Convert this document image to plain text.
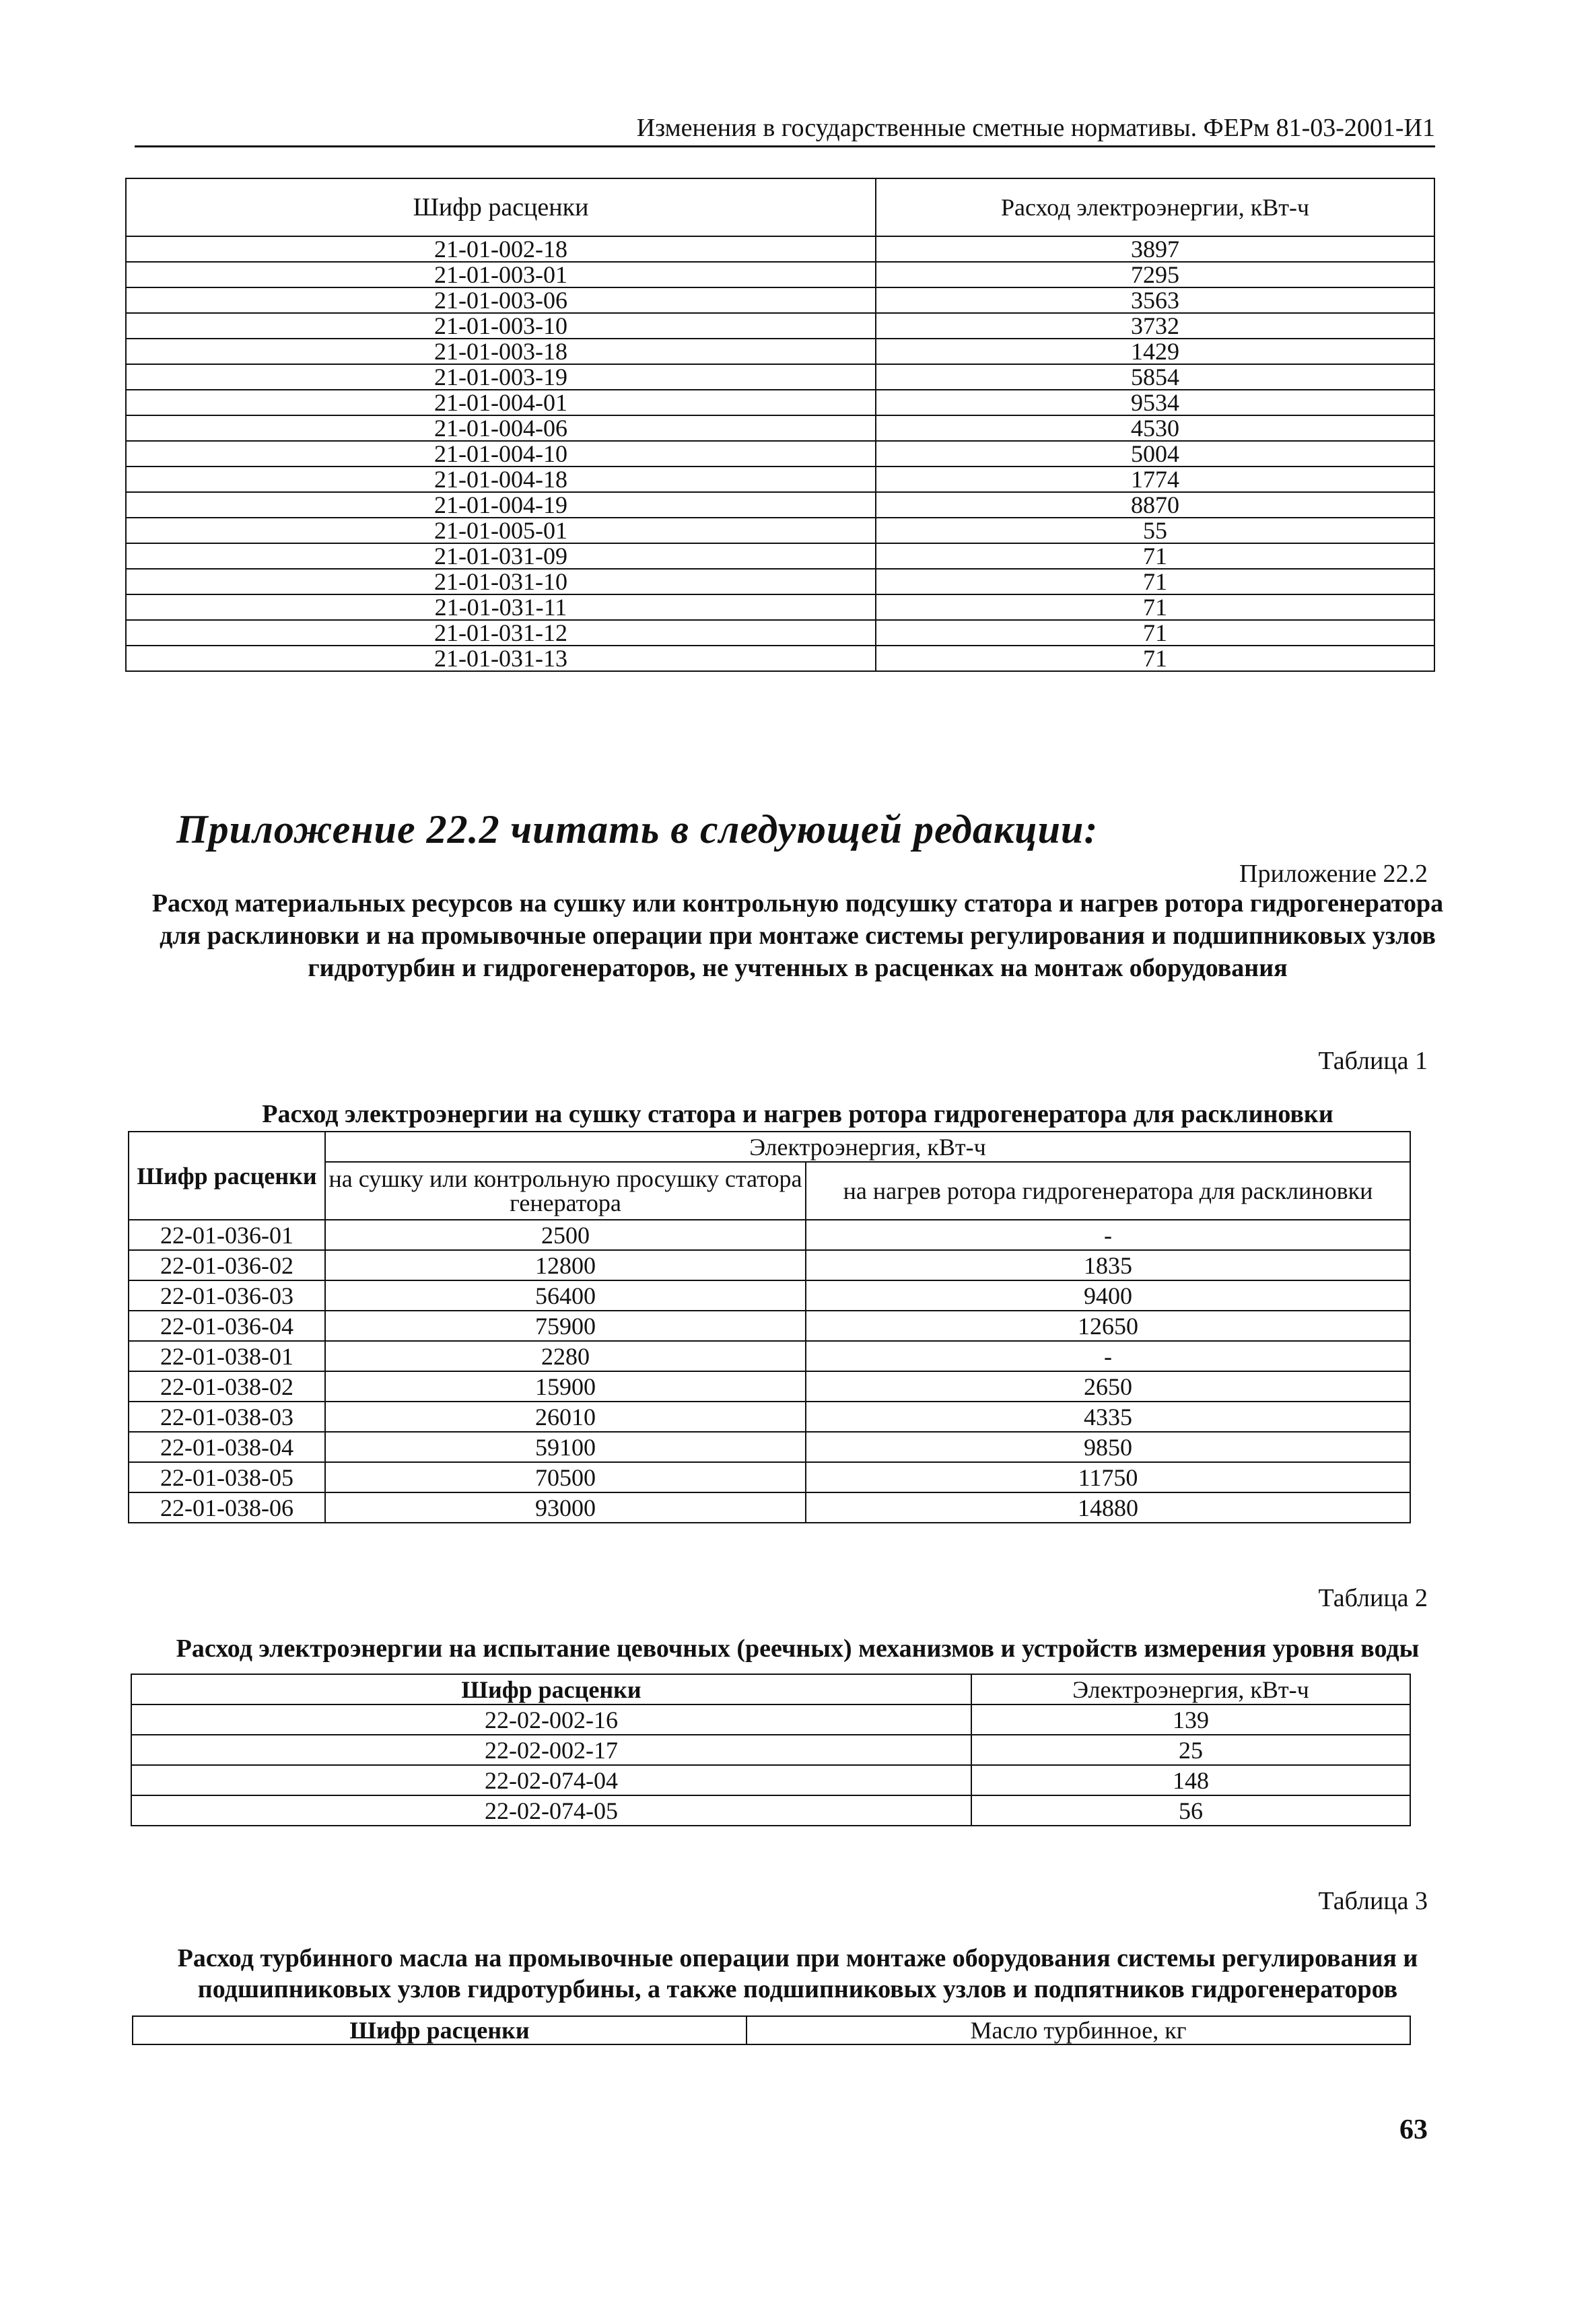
Изменения в государственные сметные нормативы. ФЕРм 81-03-2001-И1
Шифр расценки	Расход электроэнергии, кВт-ч
21-01-002-18	3897
21-01-003-01	7295
21-01-003-06	3563
21-01-003-10	3732
21-01-003-18	1429
21-01-003-19	5854
21-01-004-01	9534
21-01-004-06	4530
21-01-004-10	5004
21-01-004-18	1774
21-01-004-19	8870
21-01-005-01	55
21-01-031-09	71
21-01-031-10	71
21-01-031-11	71
21-01-031-12	71
21-01-031-13	71
Приложение 22.2 читать в следующей редакции:
Приложение 22.2
Расход материальных ресурсов на сушку или контрольную подсушку статора и нагрев ротора гидрогенератора для расклиновки и на промывочные операции при монтаже системы регулирования и подшипниковых узлов гидротурбин и гидрогенераторов, не учтенных в расценках на монтаж оборудования
Таблица 1
Расход электроэнергии на сушку статора и нагрев ротора гидрогенератора для расклиновки
Шифр расценки	Электроэнергия, кВт-ч	
	на сушку или контрольную просушку статора генератора	на нагрев ротора гидрогенератора для расклиновки
22-01-036-01	2500	-
22-01-036-02	12800	1835
22-01-036-03	56400	9400
22-01-036-04	75900	12650
22-01-038-01	2280	-
22-01-038-02	15900	2650
22-01-038-03	26010	4335
22-01-038-04	59100	9850
22-01-038-05	70500	11750
22-01-038-06	93000	14880
Таблица 2
Расход электроэнергии на испытание цевочных (реечных) механизмов и устройств измерения уровня воды
Шифр расценки	Электроэнергия, кВт-ч
22-02-002-16	139
22-02-002-17	25
22-02-074-04	148
22-02-074-05	56
Таблица 3
Расход турбинного масла на промывочные операции при монтаже оборудования системы регулирования и подшипниковых узлов гидротурбины, а также подшипниковых узлов и подпятников гидрогенераторов
Шифр расценки	Масло турбинное, кг
63
